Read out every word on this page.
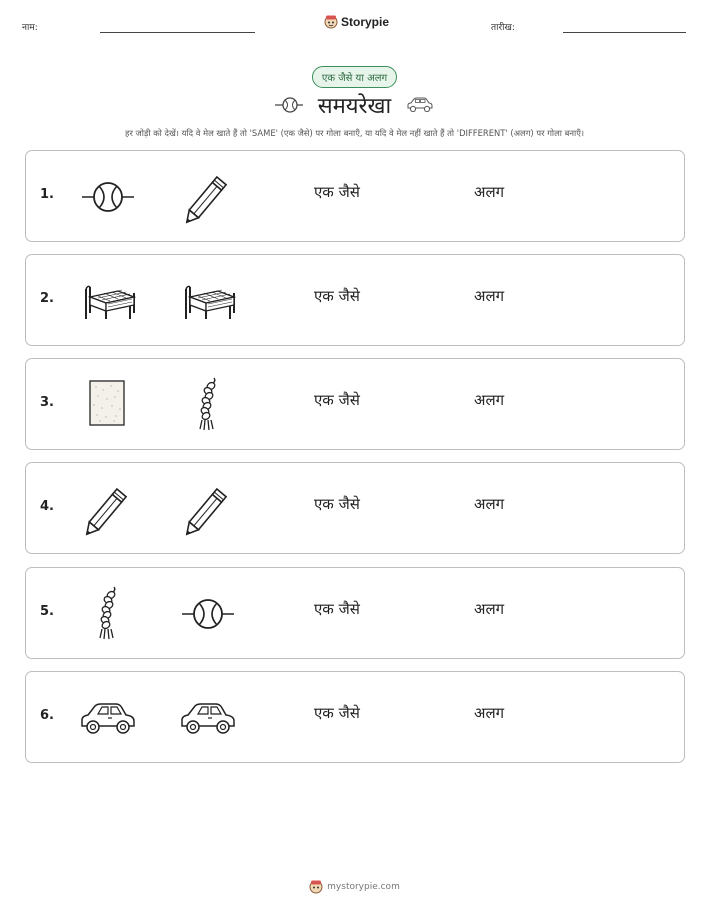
नाम:	Storypie	तारीख:
एक जैसे या अलग
समयरेखा
हर जोड़ी को देखें। यदि वे मेल खाते हैं तो 'SAME' (एक जैसे) पर गोला बनाएँ, या यदि वे मेल नहीं खाते हैं तो 'DIFFERENT' (अलग) पर गोला बनाएँ।
1.	एक जैसे	अलग
2.	एक जैसे	अलग
3.	एक जैसे	अलग
4.	एक जैसे	अलग
5.	एक जैसे	अलग
6.	एक जैसे	अलग
mystorypie.com
